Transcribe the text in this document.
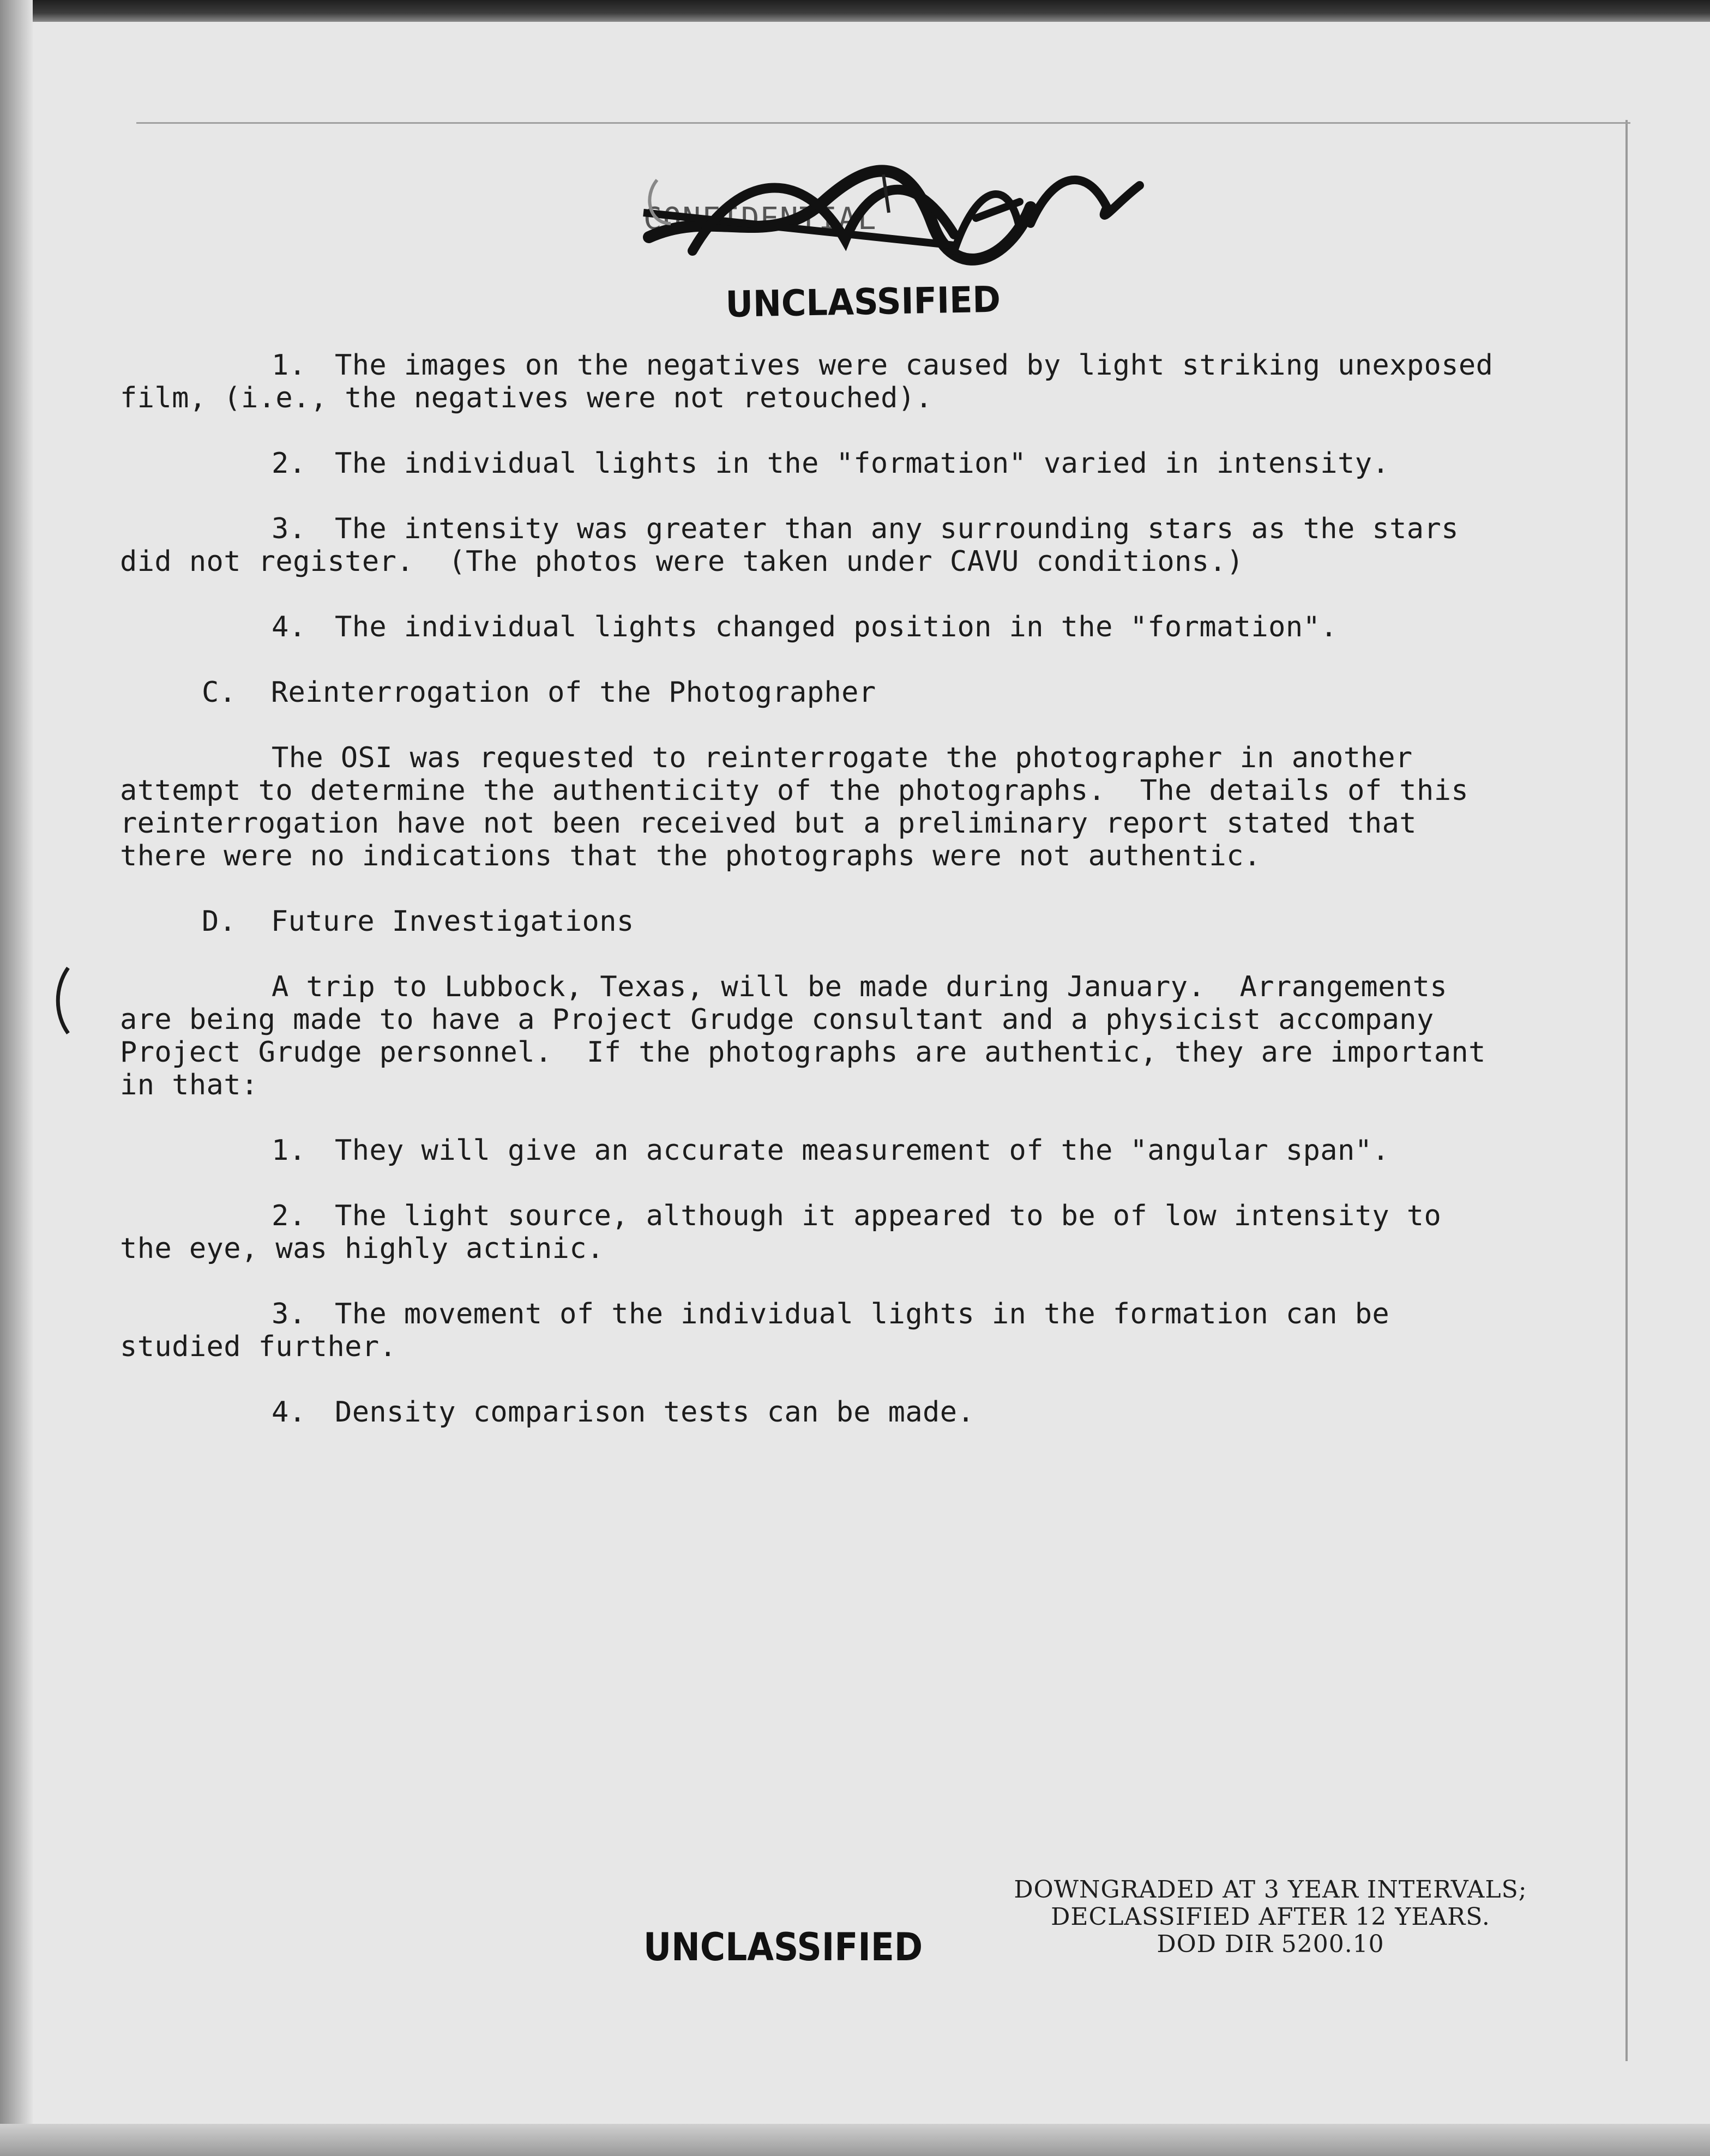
CONFIDENTIAL
UNCLASSIFIED
1. The images on the negatives were caused by light striking unexposed
film, (i.e., the negatives were not retouched).
2. The individual lights in the "formation" varied in intensity.
3. The intensity was greater than any surrounding stars as the stars
did not register.  (The photos were taken under CAVU conditions.)
4. The individual lights changed position in the "formation".
C.  Reinterrogation of the Photographer
The OSI was requested to reinterrogate the photographer in another
attempt to determine the authenticity of the photographs.  The details of this
reinterrogation have not been received but a preliminary report stated that
there were no indications that the photographs were not authentic.
D.  Future Investigations
A trip to Lubbock, Texas, will be made during January.  Arrangements
are being made to have a Project Grudge consultant and a physicist accompany
Project Grudge personnel.  If the photographs are authentic, they are important
in that:
1. They will give an accurate measurement of the "angular span".
2. The light source, although it appeared to be of low intensity to
the eye, was highly actinic.
3. The movement of the individual lights in the formation can be
studied further.
4. Density comparison tests can be made.
UNCLASSIFIED
DOWNGRADED AT 3 YEAR INTERVALS;
DECLASSIFIED AFTER 12 YEARS.
DOD DIR 5200.10
